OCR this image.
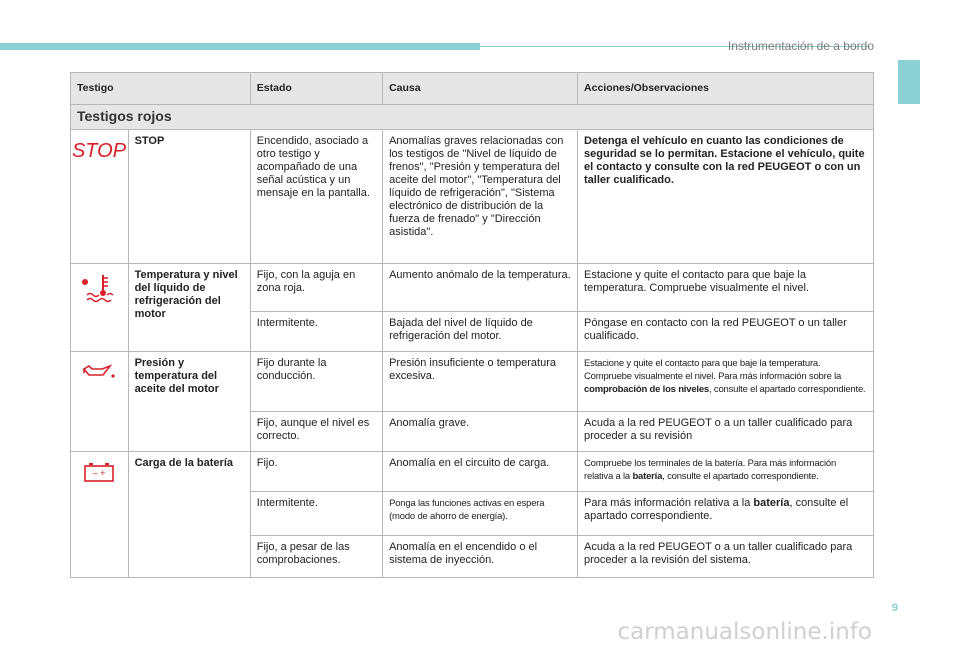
Instrumentación de a bordo
Testigo		Estado	Causa	Acciones/Observaciones
Testigos rojos				

STOP	STOP	Encendido, asociado a otro testigo y acompañado de una señal acústica y un mensaje en la pantalla.	Anomalías graves relacionadas con los testigos de "Nivel de líquido de frenos", "Presión y temperatura del aceite del motor", "Temperatura del líquido de refrigeración", "Sistema electrónico de distribución de la fuerza de frenado" y "Dirección asistida".	Detenga el vehículo en cuanto las condiciones de seguridad se lo permitan. Estacione el vehículo, quite el contacto y consulte con la red PEUGEOT o con un taller cualificado.
	Temperatura y nivel del líquido de refrigeración del motor	Fijo, con la aguja en zona roja.	Aumento anómalo de la temperatura.	Estacione y quite el contacto para que baje la temperatura. Compruebe visualmente el nivel.
		Intermitente.	Bajada del nivel de líquido de refrigeración del motor.	Póngase en contacto con la red PEUGEOT o un taller cualificado.
	Presión y temperatura del aceite del motor	Fijo durante la conducción.	Presión insuficiente o temperatura excesiva.	Estacione y quite el contacto para que baje la temperatura. Compruebe visualmente el nivel. Para más información sobre la comprobación de los niveles, consulte el apartado correspondiente.
		Fijo, aunque el nivel es correcto.	Anomalía grave.	Acuda a la red PEUGEOT o a un taller cualificado para proceder a su revisión

– +	Carga de la batería	Fijo.	Anomalía en el circuito de carga.	Compruebe los terminales de la batería. Para más información relativa a la batería, consulte el apartado correspondiente.
		Intermitente.	Ponga las funciones activas en espera (modo de ahorro de energía).	Para más información relativa a la batería, consulte el apartado correspondiente.
		Fijo, a pesar de las comprobaciones.	Anomalía en el encendido o el sistema de inyección.	Acuda a la red PEUGEOT o a un taller cualificado para proceder a la revisión del sistema.
9
carmanualsonline.info
